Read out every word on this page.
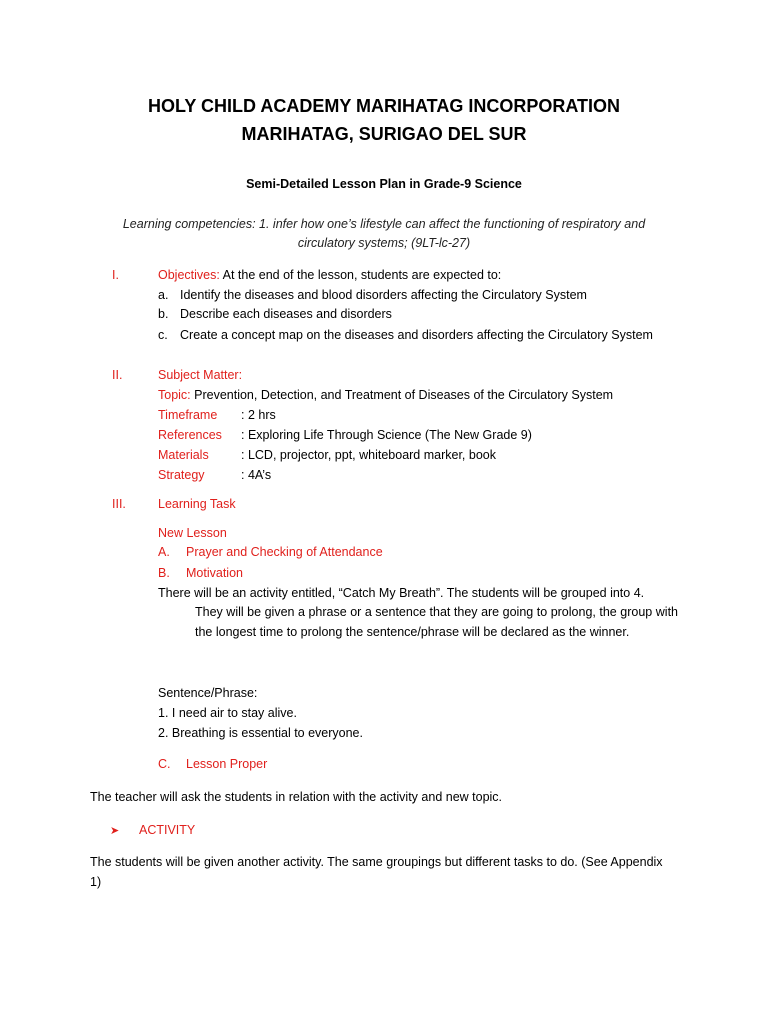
HOLY CHILD ACADEMY MARIHATAG INCORPORATION
MARIHATAG, SURIGAO DEL SUR
Semi-Detailed Lesson Plan in Grade-9 Science
Learning competencies: 1. infer how one’s lifestyle can affect the functioning of respiratory and
circulatory systems; (9LT-lc-27)
I.	Objectives: At the end of the lesson, students are expected to:
a. Identify the diseases and blood disorders affecting the Circulatory System
b. Describe each diseases and disorders
c. Create a concept map on the diseases and disorders affecting the Circulatory System
II.	Subject Matter:
Topic: Prevention, Detection, and Treatment of Diseases of the Circulatory System
Timeframe : 2 hrs
References : Exploring Life Through Science (The New Grade 9)
Materials	: LCD, projector, ppt, whiteboard marker, book
Strategy	: 4A’s
III.	Learning Task
New Lesson
A. Prayer and Checking of Attendance
B. Motivation
There will be an activity entitled, “Catch My Breath”. The students will be grouped into 4.
They will be given a phrase or a sentence that they are going to prolong, the group with the longest time to prolong the sentence/phrase will be declared as the winner.
Sentence/Phrase:
1. I need air to stay alive.
2. Breathing is essential to everyone.
C. Lesson Proper
The teacher will ask the students in relation with the activity and new topic.
➤ ACTIVITY
The students will be given another activity. The same groupings but different tasks to do. (See Appendix
1)
